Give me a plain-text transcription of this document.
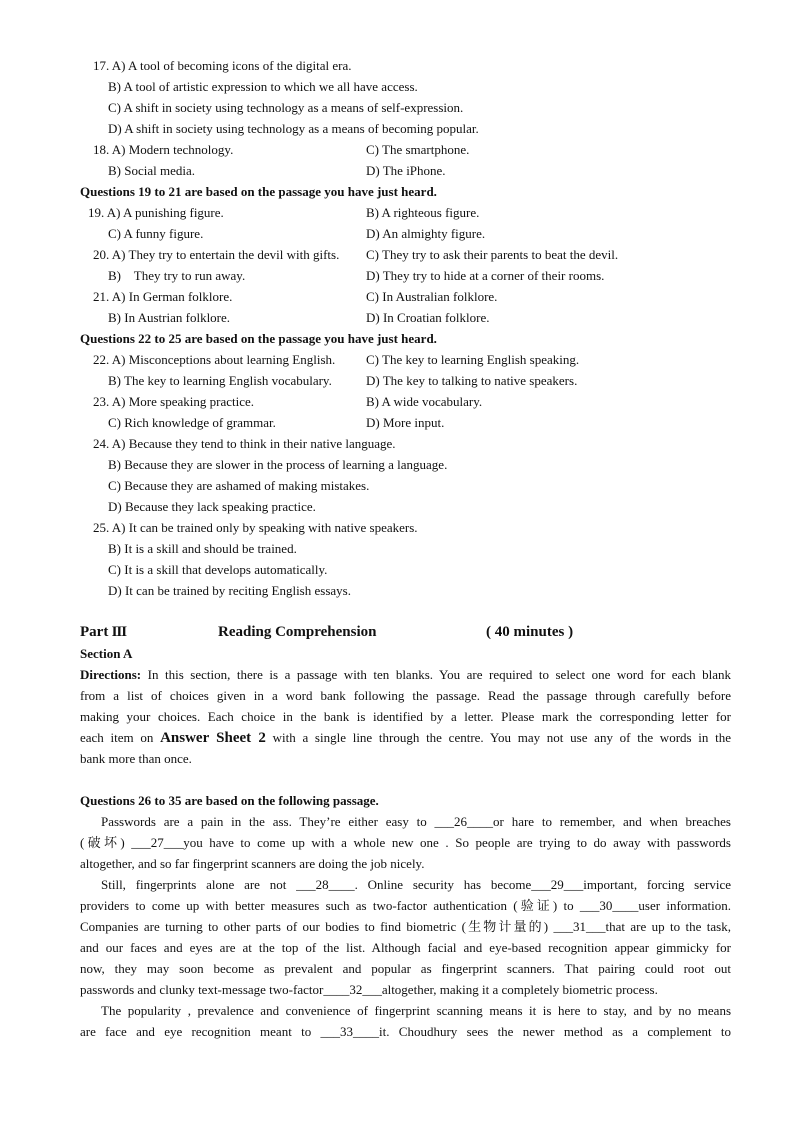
17. A) A tool of becoming icons of the digital era.
B) A tool of artistic expression to which we all have access.
C) A shift in society using technology as a means of self-expression.
D) A shift in society using technology as a means of becoming popular.
18. A) Modern technology.	C) The smartphone.
B) Social media.	D) The iPhone.
Questions 19 to 21 are based on the passage you have just heard.
19. A) A punishing figure.	B) A righteous figure.
C) A funny figure.	D) An almighty figure.
20. A) They try to entertain the devil with gifts. C) They try to ask their parents to beat the devil.
B)    They try to run away.	D) They try to hide at a corner of their rooms.
21. A) In German folklore.	C) In Australian folklore.
B) In Austrian folklore.	D) In Croatian folklore.
Questions 22 to 25 are based on the passage you have just heard.
22. A) Misconceptions about learning English. C) The key to learning English speaking.
B) The key to learning English vocabulary.	D) The key to talking to native speakers.
23. A) More speaking practice.	B) A wide vocabulary.
C) Rich knowledge of grammar.	D) More input.
24. A) Because they tend to think in their native language.
B) Because they are slower in the process of learning a language.
C) Because they are ashamed of making mistakes.
D) Because they lack speaking practice.
25. A) It can be trained only by speaking with native speakers.
B) It is a skill and should be trained.
C) It is a skill that develops automatically.
D) It can be trained by reciting English essays.
Part III	Reading Comprehension	( 40 minutes )
Section A
Directions: In this section, there is a passage with ten blanks. You are required to select one word for each blank
from a list of choices given in a word bank following the passage. Read the passage through carefully before
making your choices. Each choice in the bank is identified by a letter. Please mark the corresponding letter for
each item on Answer Sheet 2 with a single line through the centre. You may not use any of the words in the
bank more than once.
Questions 26 to 35 are based on the following passage.
Passwords are a pain in the ass. They’re either easy to ___26____or hare to remember, and when breaches
(破坏) ___27___you have to come up with a whole new one . So people are trying to do away with passwords
altogether, and so far fingerprint scanners are doing the job nicely.
Still, fingerprints alone are not ___28____. Online security has become___29___important, forcing service
providers to come up with better measures such as two-factor authentication (验证) to ___30____user information.
Companies are turning to other parts of our bodies to find biometric (生物计量的) ___31___that are up to the task,
and our faces and eyes are at the top of the list. Although facial and eye-based recognition appear gimmicky for
now, they may soon become as prevalent and popular as fingerprint scanners. That pairing could root out
passwords and clunky text-message two-factor____32___altogether, making it a completely biometric process.
The popularity , prevalence and convenience of fingerprint scanning means it is here to stay, and by no means
are face and eye recognition meant to ___33____it. Choudhury sees the newer method as a complement to
